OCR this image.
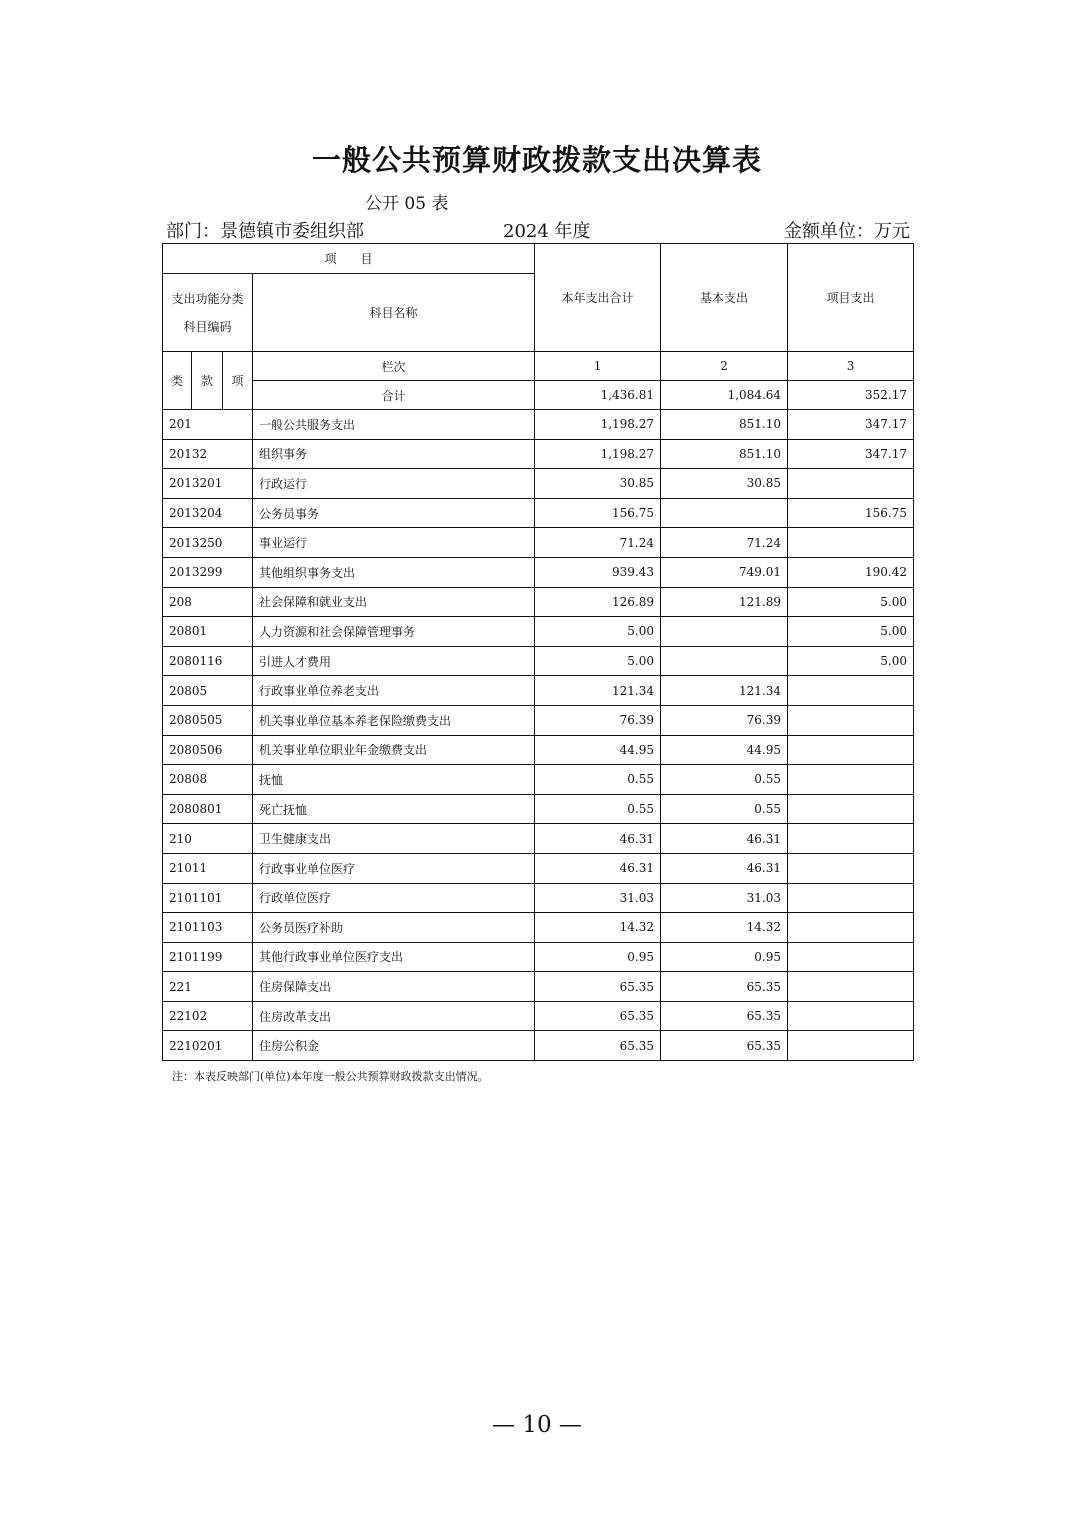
一般公共预算财政拨款支出决算表
公开 05 表
部门：景德镇市委组织部	2024 年度	金额单位：万元
项　　目				本年支出合计	基本支出	项目支出
支出功能分类
科目编码			科目名称			
类	款	项	栏次	1	2	3
			合计	1,436.81	1,084.64	352.17
201			一般公共服务支出	1,198.27	851.10	347.17
20132			组织事务	1,198.27	851.10	347.17
2013201			行政运行	30.85	30.85	
2013204			公务员事务	156.75		156.75
2013250			事业运行	71.24	71.24	
2013299			其他组织事务支出	939.43	749.01	190.42
208			社会保障和就业支出	126.89	121.89	5.00
20801			人力资源和社会保障管理事务	5.00		5.00
2080116			引进人才费用	5.00		5.00
20805			行政事业单位养老支出	121.34	121.34	
2080505			机关事业单位基本养老保险缴费支出	76.39	76.39	
2080506			机关事业单位职业年金缴费支出	44.95	44.95	
20808			抚恤	0.55	0.55	
2080801			死亡抚恤	0.55	0.55	
210			卫生健康支出	46.31	46.31	
21011			行政事业单位医疗	46.31	46.31	
2101101			行政单位医疗	31.03	31.03	
2101103			公务员医疗补助	14.32	14.32	
2101199			其他行政事业单位医疗支出	0.95	0.95	
221			住房保障支出	65.35	65.35	
22102			住房改革支出	65.35	65.35	
2210201			住房公积金	65.35	65.35	
注：本表反映部门(单位)本年度一般公共预算财政拨款支出情况。
— 10 —
